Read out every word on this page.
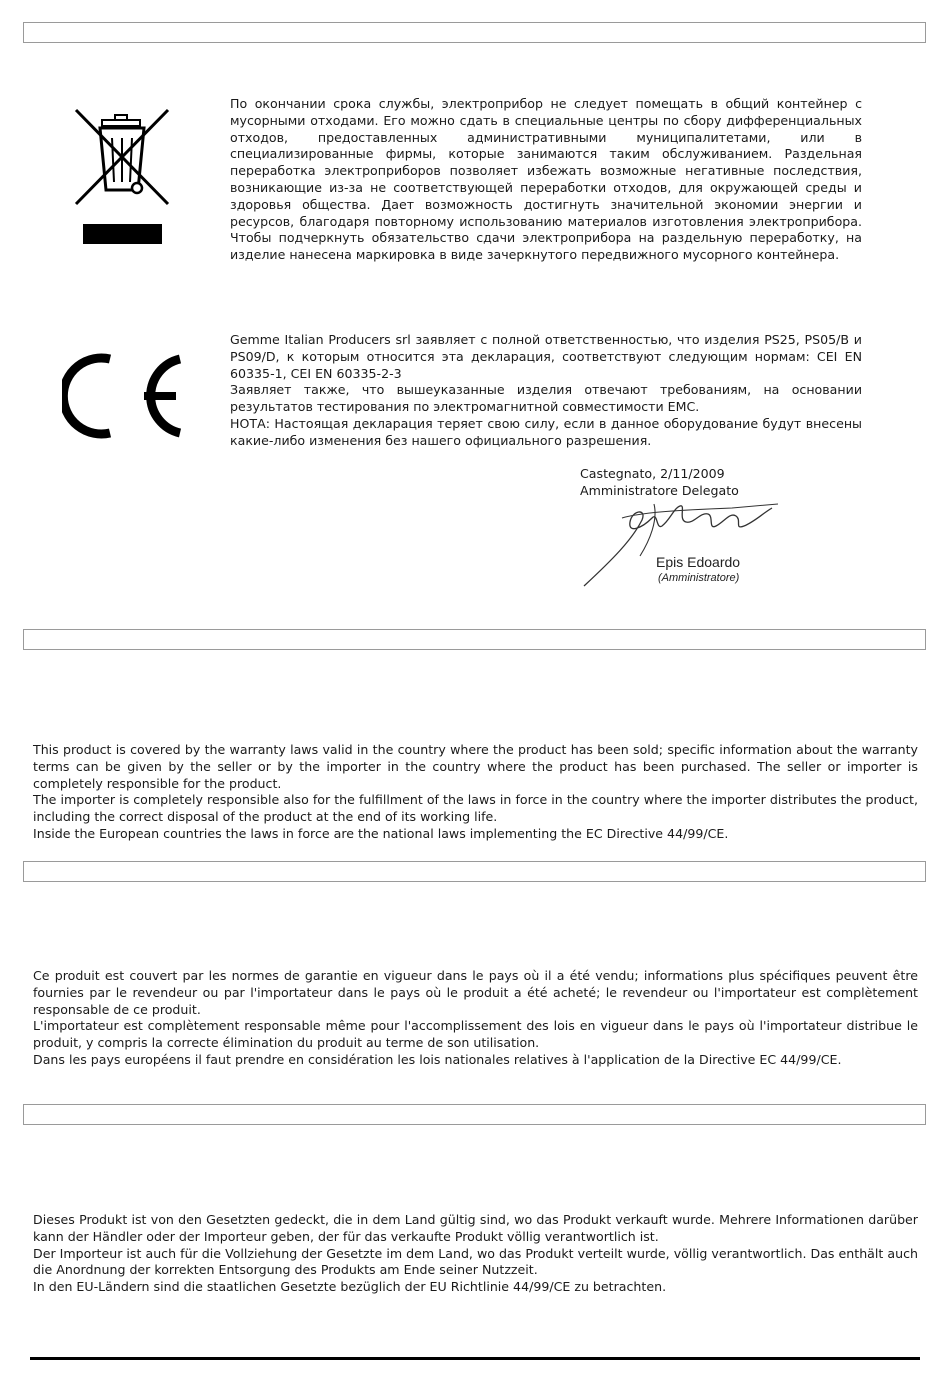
По окончании срока службы, электроприбор не следует помещать в общий контейнер с мусорными отходами. Его можно сдать в специальные центры по сбору дифференциальных отходов, предоставленных административными муниципалитетами, или в специализированные фирмы, которые занимаются таким обслуживанием. Раздельная переработка электроприборов позволяет избежать возможные негативные последствия, возникающие из-за не соответствующей переработки отходов, для окружающей среды и здоровья общества. Дает возможность достигнуть значительной экономии энергии и ресурсов, благодаря повторному использованию материалов изготовления электроприбора. Чтобы подчеркнуть обязательство сдачи электроприбора на раздельную переработку, на изделие нанесена маркировка в виде зачеркнутого передвижного мусорного контейнера.

Gemme Italian Producers srl заявляет с полной ответственностью, что изделия PS25, PS05/B и PS09/D, к которым относится эта декларация, соответствуют следующим нормам: CEI EN 60335-1, CEI EN 60335-2-3

Заявляет также, что вышеуказанные изделия отвечают требованиям, на основании результатов тестирования по электромагнитной совместимости EMC.

НОТА: Настоящая декларация теряет свою силу, если в данное оборудование будут внесены какие-либо изменения без нашего официального разрешения.

Castegnato, 2/11/2009
Amministratore Delegato
Epis Edoardo
(Amministratore)

This product is covered by the warranty laws valid in the country where the product has been sold; specific information about the warranty terms can be given by the seller or by the importer in the country where the product has been purchased. The seller or importer is completely responsible for the product.

The importer is completely responsible also for the fulfillment of the laws in force in the country where the importer distributes the product, including the correct disposal of the product at the end of its working life.

Inside the European countries the laws in force are the national laws implementing the EC Directive 44/99/CE.

Ce produit est couvert par les normes de garantie en vigueur dans le pays où il a été vendu; informations plus spécifiques peuvent être fournies par le revendeur ou par l'importateur dans le pays où le produit a été acheté; le revendeur ou l'importateur est complètement responsable de ce produit.

L'importateur est complètement responsable même pour l'accomplissement des lois en vigueur dans le pays où l'importateur distribue le produit, y compris la correcte élimination du produit au terme de son utilisation.

Dans les pays européens il faut prendre en considération les lois nationales relatives à l'application de la Directive EC 44/99/CE.

Dieses Produkt ist von den Gesetzten gedeckt, die in dem Land gültig sind, wo das Produkt verkauft wurde. Mehrere Informationen darüber kann der Händler oder der Importeur geben, der für das verkaufte Produkt völlig verantwortlich ist.

Der Importeur ist auch für die Vollziehung der Gesetzte im dem Land, wo das Produkt verteilt wurde, völlig verantwortlich. Das enthält auch die Anordnung der korrekten Entsorgung des Produkts am Ende seiner Nutzzeit.

In den EU-Ländern sind die staatlichen Gesetzte bezüglich der EU Richtlinie 44/99/CE zu betrachten.
